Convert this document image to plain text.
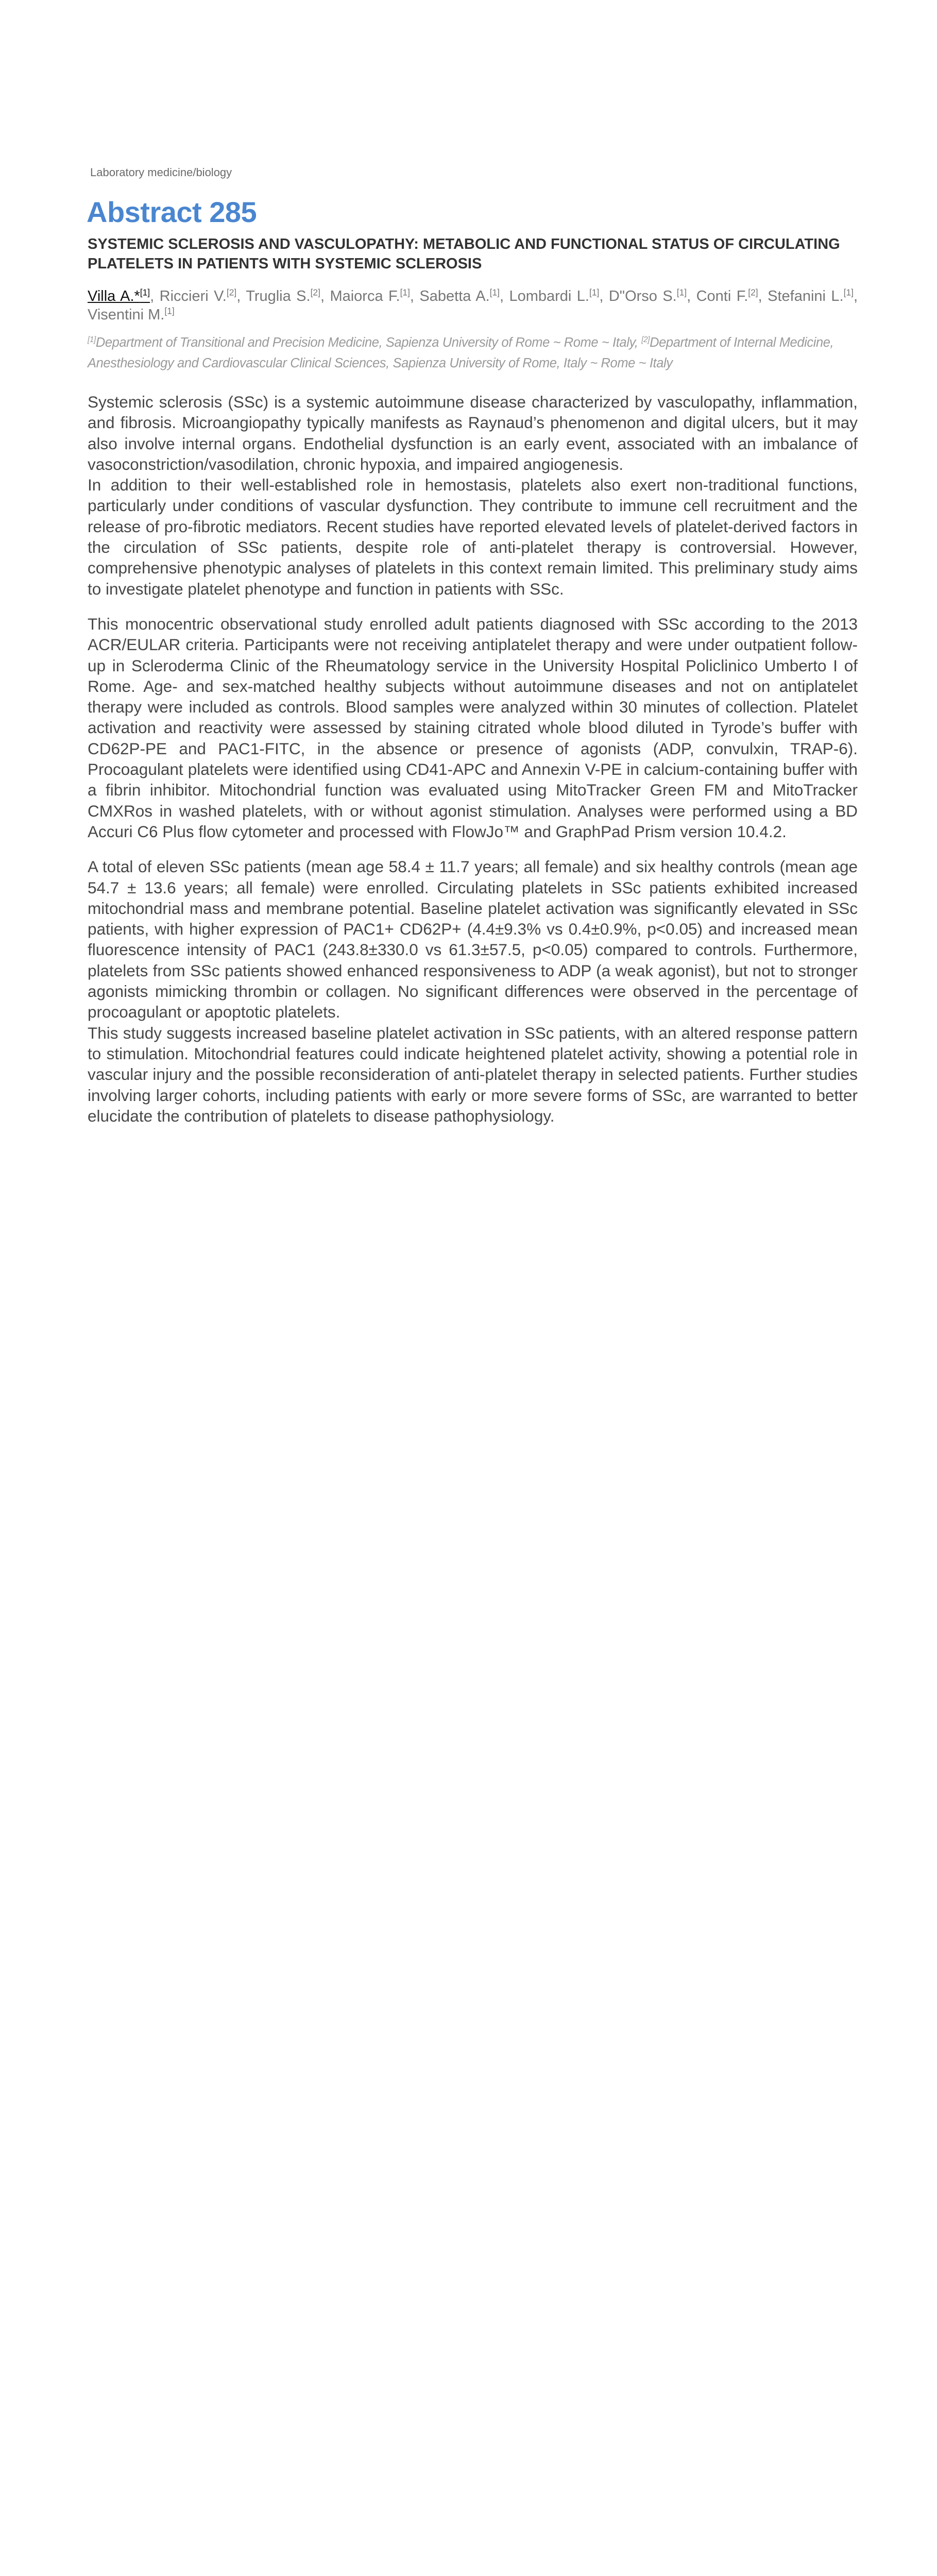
Laboratory medicine/biology
Abstract 285
SYSTEMIC SCLEROSIS AND VASCULOPATHY: METABOLIC AND FUNCTIONAL STATUS OF CIRCULATING PLATELETS IN PATIENTS WITH SYSTEMIC SCLEROSIS
Villa A.*[1] , Riccieri V.[2] , Truglia S.[2] , Maiorca F.[1] , Sabetta A.[1] , Lombardi L.[1] , D"Orso S.[1] , Conti F.[2] , Stefanini L.[1], Visentini M.[1]
[1]Department of Transitional and Precision Medicine, Sapienza University of Rome ~ Rome ~ Italy , [2]Department of Internal Medicine, Anesthesiology and Cardiovascular Clinical Sciences, Sapienza University of Rome, Italy ~ Rome ~ Italy

Systemic sclerosis (SSc) is a systemic autoimmune disease characterized by vasculopathy, inflammation, and fibrosis. Microangiopathy typically manifests as Raynaud’s phenomenon and digital ulcers, but it may also involve internal organs. Endothelial dysfunction is an early event, associated with an imbalance of vasoconstriction/vasodilation, chronic hypoxia, and impaired angiogenesis.

In addition to their well-established role in hemostasis, platelets also exert non-traditional functions, particularly under conditions of vascular dysfunction. They contribute to immune cell recruitment and the release of pro-fibrotic mediators. Recent studies have reported elevated levels of platelet-derived factors in the circulation of SSc patients, despite role of anti-platelet therapy is controversial. However, comprehensive phenotypic analyses of platelets in this context remain limited. This preliminary study aims to investigate platelet phenotype and function in patients with SSc.

This monocentric observational study enrolled adult patients diagnosed with SSc according to the 2013 ACR/EULAR criteria. Participants were not receiving antiplatelet therapy and were under outpatient follow-up in Scleroderma Clinic of the Rheumatology service in the University Hospital Policlinico Umberto I of Rome. Age- and sex-matched healthy subjects without autoimmune diseases and not on antiplatelet therapy were included as controls. Blood samples were analyzed within 30 minutes of collection. Platelet activation and reactivity were assessed by staining citrated whole blood diluted in Tyrode’s buffer with CD62P-PE and PAC1-FITC, in the absence or presence of agonists (ADP, convulxin, TRAP-6). Procoagulant platelets were identified using CD41-APC and Annexin V-PE in calcium-containing buffer with a fibrin inhibitor. Mitochondrial function was evaluated using MitoTracker Green FM and MitoTracker CMXRos in washed platelets, with or without agonist stimulation. Analyses were performed using a BD Accuri C6 Plus flow cytometer and processed with FlowJo™ and GraphPad Prism version 10.4.2.

A total of eleven SSc patients (mean age 58.4 ± 11.7 years; all female) and six healthy controls (mean age 54.7 ± 13.6 years; all female) were enrolled. Circulating platelets in SSc patients exhibited increased mitochondrial mass and membrane potential. Baseline platelet activation was significantly elevated in SSc patients, with higher expression of PAC1+ CD62P+ (4.4±9.3% vs 0.4±0.9%, p<0.05) and increased mean fluorescence intensity of PAC1 (243.8±330.0 vs 61.3±57.5, p<0.05) compared to controls. Furthermore, platelets from SSc patients showed enhanced responsiveness to ADP (a weak agonist), but not to stronger agonists mimicking thrombin or collagen. No significant differences were observed in the percentage of procoagulant or apoptotic platelets.

This study suggests increased baseline platelet activation in SSc patients, with an altered response pattern to stimulation. Mitochondrial features could indicate heightened platelet activity, showing a potential role in vascular injury and the possible reconsideration of anti-platelet therapy in selected patients. Further studies involving larger cohorts, including patients with early or more severe forms of SSc, are warranted to better elucidate the contribution of platelets to disease pathophysiology.
